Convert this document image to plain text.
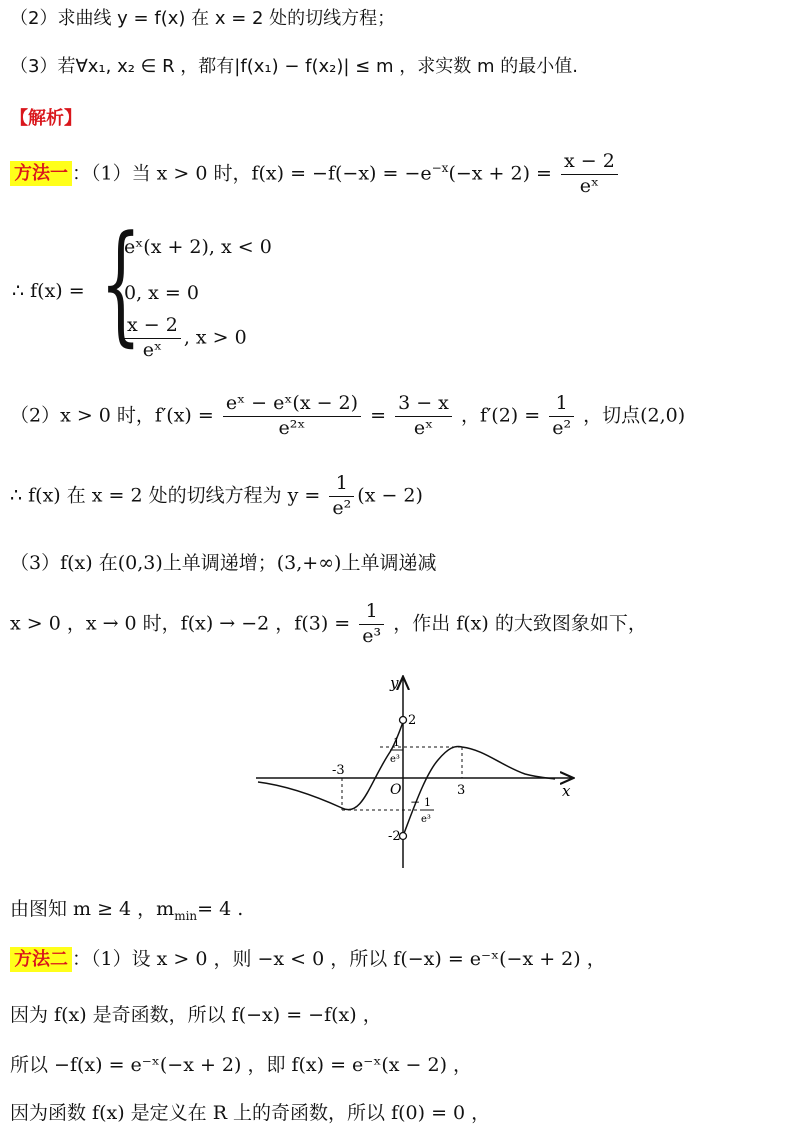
（2）求曲线 y = f(x) 在 x = 2 处的切线方程；
（3）若∀x₁, x₂ ∈ R ，都有|f(x₁) − f(x₂)| ≤ m ，求实数 m 的最小值.
【解析】
方法一 ：（1）当 x > 0 时，$f(x) = -f(-x) = -e^{-x}(-x + 2) = \frac{x - 2}{\text{eˣ}}$
∴ f(x) = {
eˣ(x + 2), x < 0
0, x = 0
$\frac{x - 2}{\text{eˣ}}$ , x > 0
（2）x > 0 时，$f'(x) = \frac{\text{eˣ − eˣ(x − 2)}}{\text{e²ˣ}} = \frac{3 - x}{\text{eˣ}}$ ，$f'(2) = \frac{1}{\text{e²}}$ ，切点(2,0)
∴ f(x) 在 x = 2 处的切线方程为 $y = \frac{1}{\text{e²}} (x - 2)$
（3）f(x) 在(0,3)上单调递增；(3,+∞)上单调递减
x > 0 ，x → 0 时，f(x) → −2 ，$f(3) = \frac{1}{\text{e³}}$ ，作出 f(x) 的大致图象如下，
x
y
O
-3
3
2
-2
1
e³
− 1
e³
由图知 m ≥ 4 ，$m_{min}= 4$ .
方法二 ：（1）设 x > 0 ，则 −x < 0 ，所以 f(−x) = e⁻ˣ(−x + 2) ，
因为 f(x) 是奇函数，所以 f(−x) = −f(x) ，
所以 −f(x) = e⁻ˣ(−x + 2) ，即 f(x) = e⁻ˣ(x − 2) ，
因为函数 f(x) 是定义在 R 上的奇函数，所以 f(0) = 0 ，
